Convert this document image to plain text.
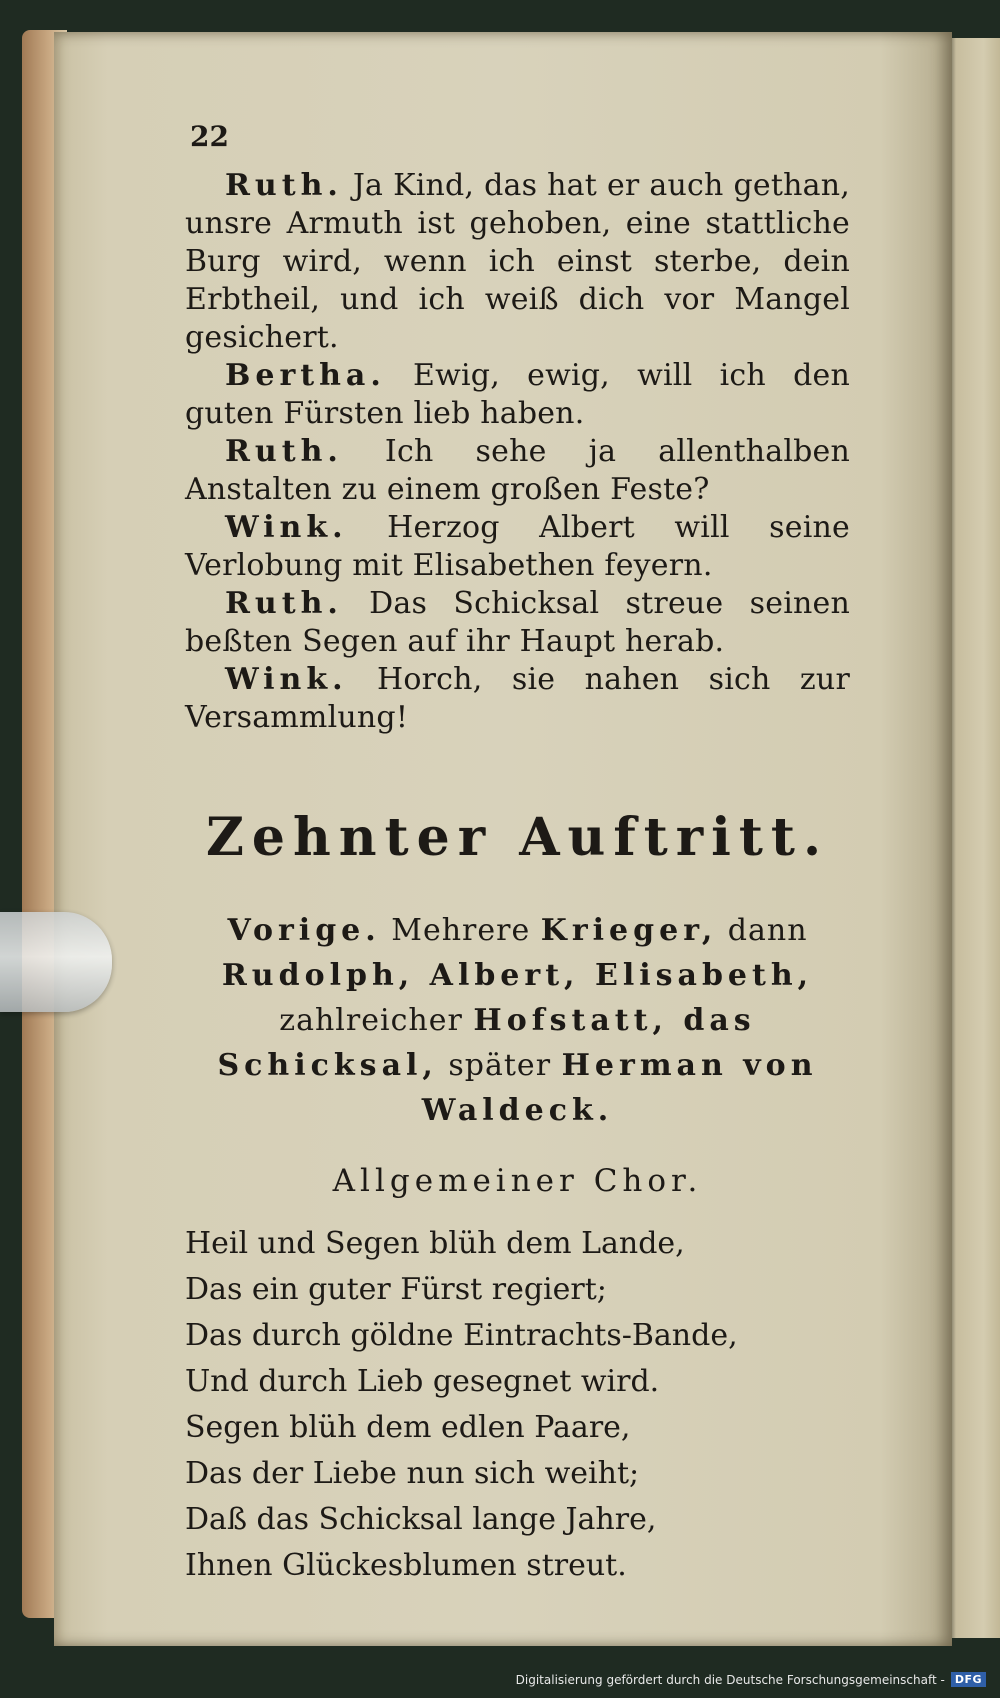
22

Ruth. Ja Kind, das hat er auch gethan, unsre Armuth ist gehoben, eine stattliche Burg wird, wenn ich einst sterbe, dein Erbtheil, und ich weiß dich vor Mangel gesichert.

Bertha. Ewig, ewig, will ich den guten Fürsten lieb haben.

Ruth. Ich sehe ja allenthalben Anstalten zu einem großen Feste?

Wink. Herzog Albert will seine Verlobung mit Elisabethen feyern.

Ruth. Das Schicksal streue seinen beßten Segen auf ihr Haupt herab.

Wink. Horch, sie nahen sich zur Versammlung!

Zehnter Auftritt.

Vorige. Mehrere Krieger, dann Rudolph, Albert, Elisabeth, zahlreicher Hofstatt, das Schicksal, später Herman von Waldeck.

Allgemeiner Chor.
Heil und Segen blüh dem Lande,
Das ein guter Fürst regiert;
Das durch göldne Eintrachts-Bande,
Und durch Lieb gesegnet wird.
Segen blüh dem edlen Paare,
Das der Liebe nun sich weiht;
Daß das Schicksal lange Jahre,
Ihnen Glückesblumen streut.
Digitalisierung gefördert durch die Deutsche Forschungsgemeinschaft - DFG
